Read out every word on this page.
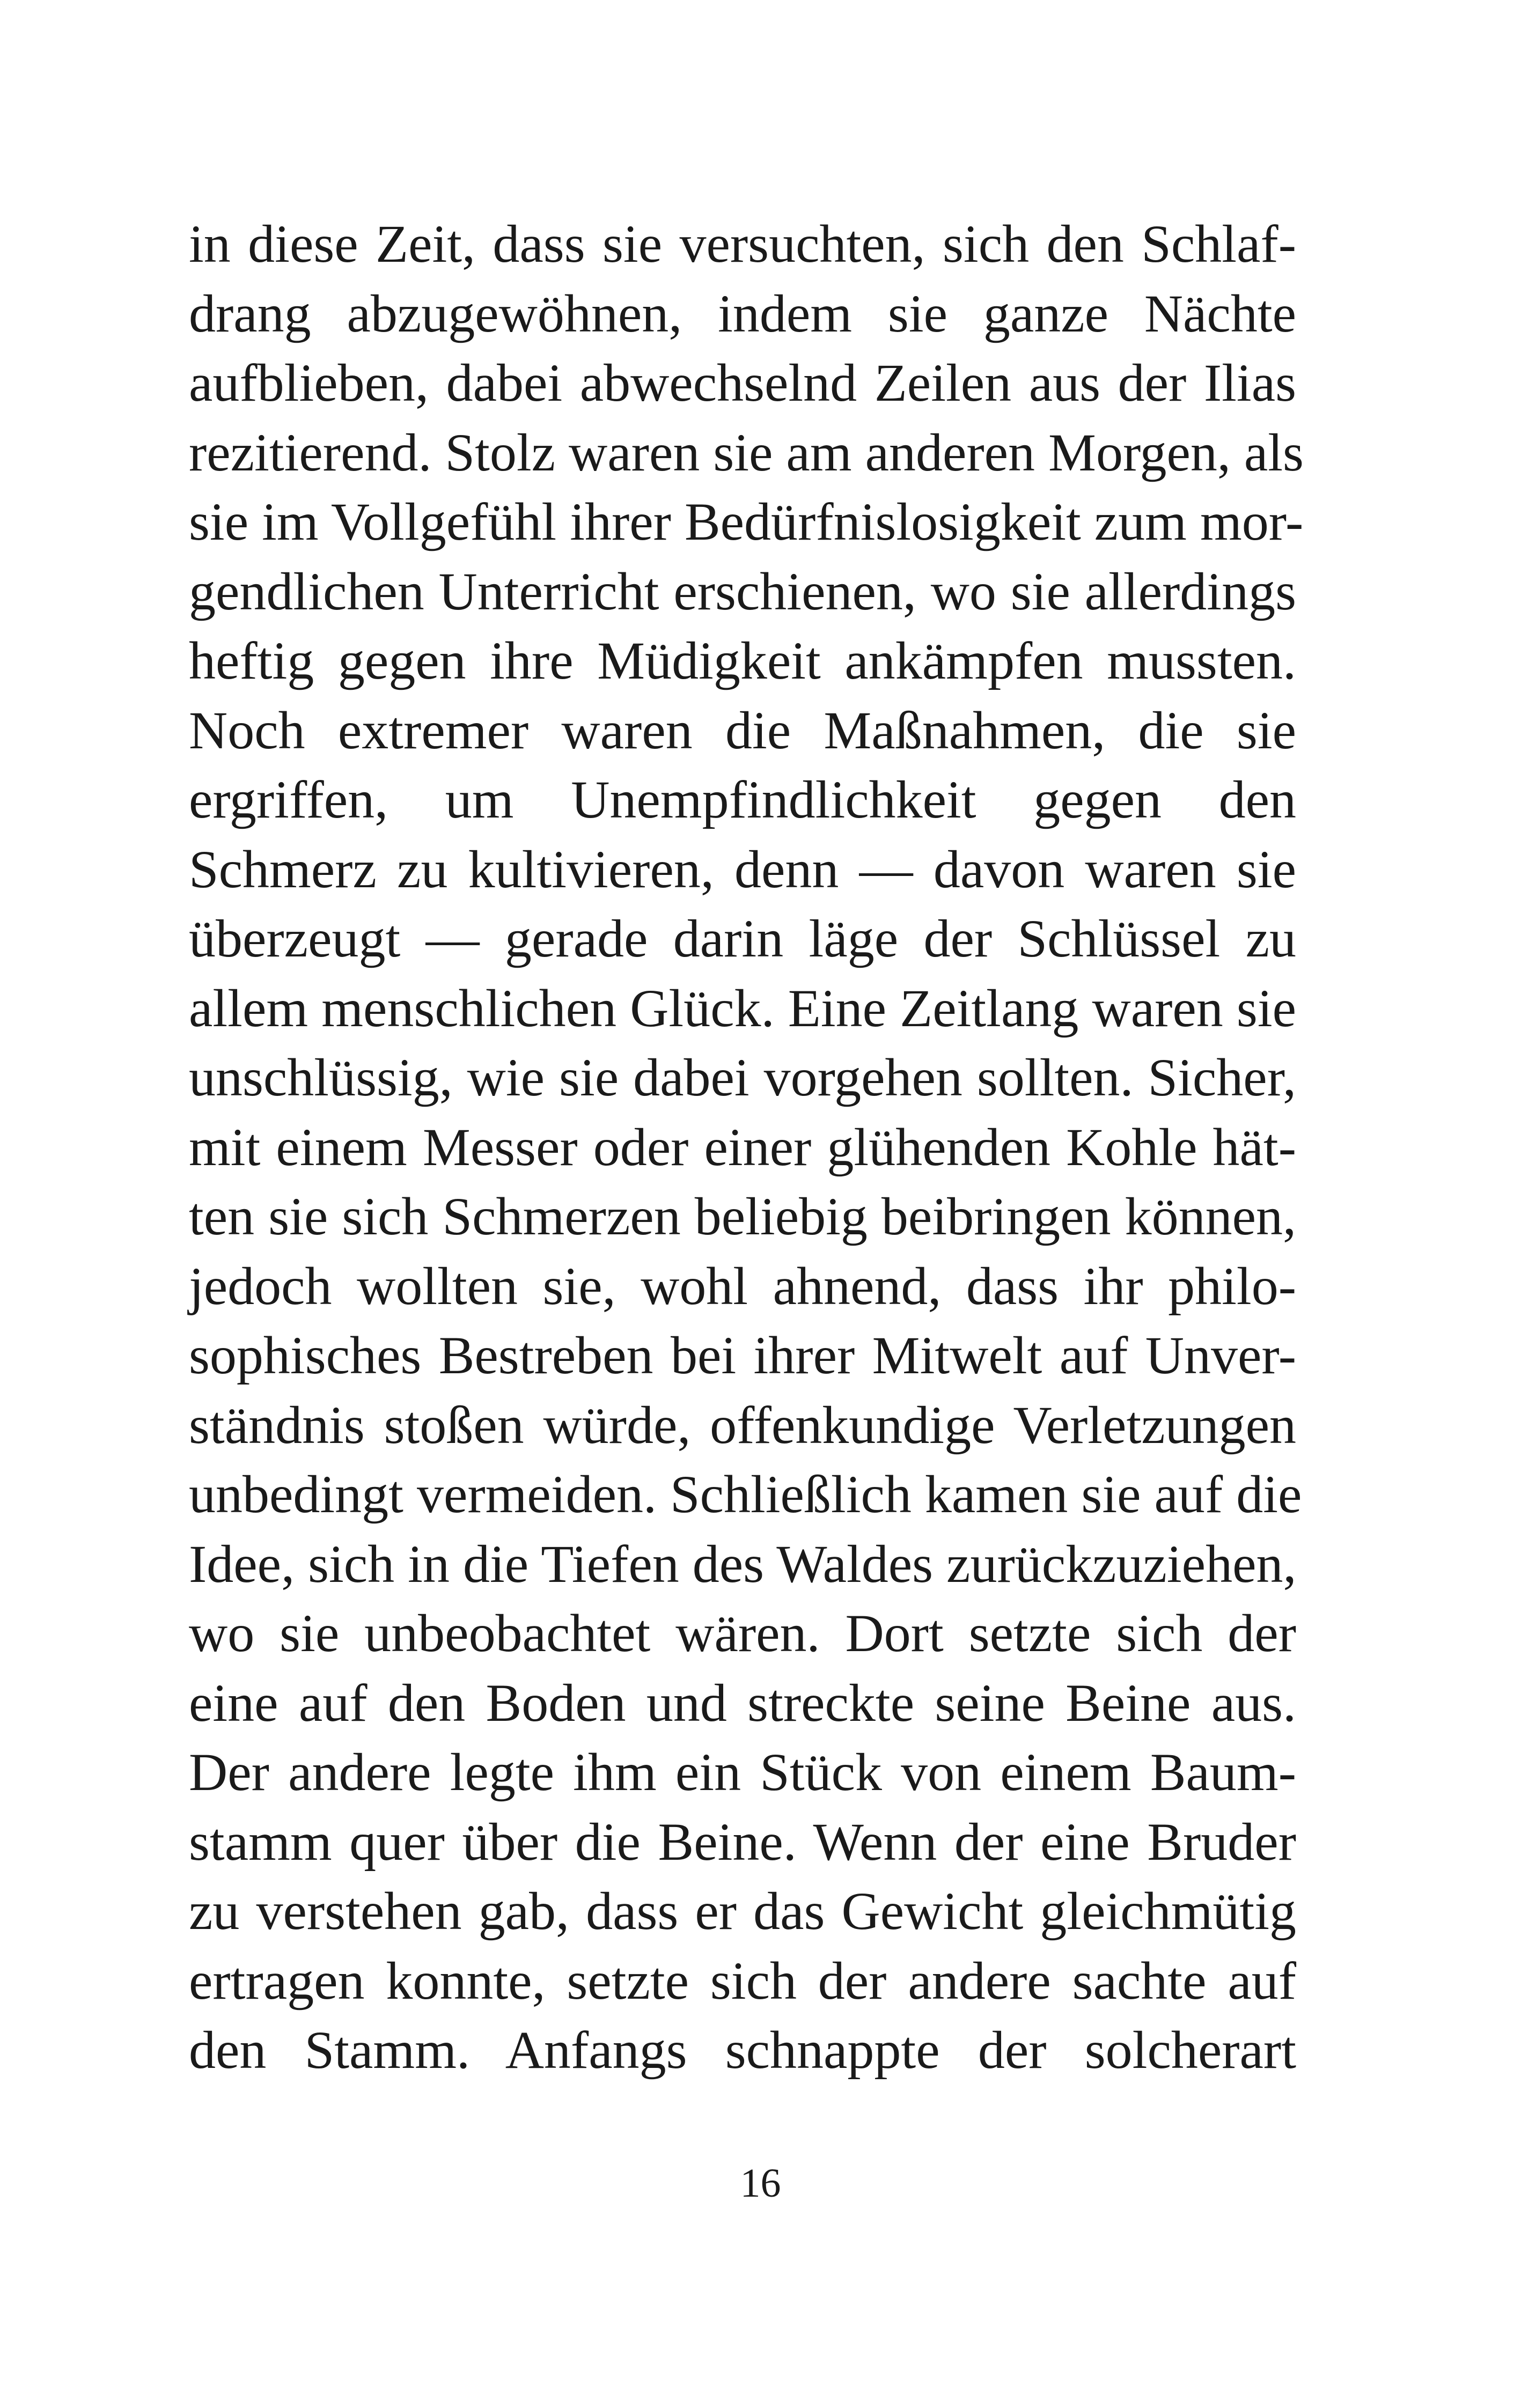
in diese Zeit, dass sie versuchten, sich den Schlaf-
drang abzugewöhnen, indem sie ganze Nächte
aufblieben, dabei abwechselnd Zeilen aus der Ilias
rezitierend. Stolz waren sie am anderen Morgen, als
sie im Vollgefühl ihrer Bedürfnislosigkeit zum mor-
gendlichen Unterricht erschienen, wo sie allerdings
heftig gegen ihre Müdigkeit ankämpfen mussten.
Noch extremer waren die Maßnahmen, die sie
ergriffen, um Unempfindlichkeit gegen den
Schmerz zu kultivieren, denn — davon waren sie
überzeugt — gerade darin läge der Schlüssel zu
allem menschlichen Glück. Eine Zeitlang waren sie
unschlüssig, wie sie dabei vorgehen sollten. Sicher,
mit einem Messer oder einer glühenden Kohle hät-
ten sie sich Schmerzen beliebig beibringen können,
jedoch wollten sie, wohl ahnend, dass ihr philo-
sophisches Bestreben bei ihrer Mitwelt auf Unver-
ständnis stoßen würde, offenkundige Verletzungen
unbedingt vermeiden. Schließlich kamen sie auf die
Idee, sich in die Tiefen des Waldes zurückzuziehen,
wo sie unbeobachtet wären. Dort setzte sich der
eine auf den Boden und streckte seine Beine aus.
Der andere legte ihm ein Stück von einem Baum-
stamm quer über die Beine. Wenn der eine Bruder
zu verstehen gab, dass er das Gewicht gleichmütig
ertragen konnte, setzte sich der andere sachte auf
den Stamm. Anfangs schnappte der solcherart
16
